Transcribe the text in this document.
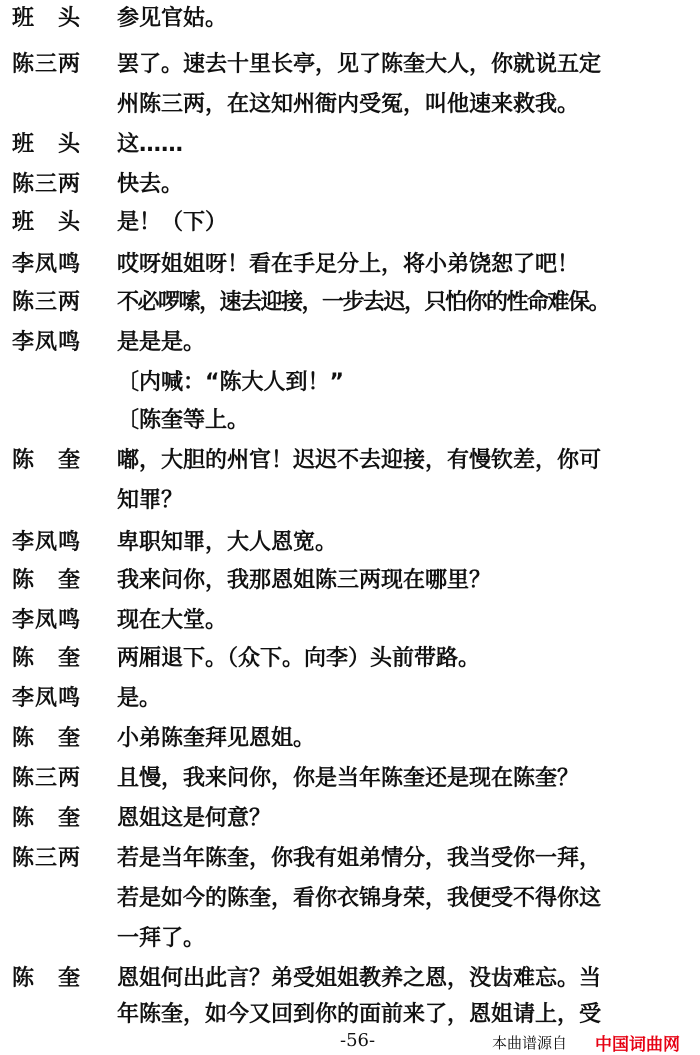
班　头	参见官姑。
陈三两	罢了。速去十里长亭，见了陈奎大人，你就说五定
州陈三两，在这知州衙内受冤，叫他速来救我。
班　头	这……
陈三两	快去。
班　头	是！（下）
李凤鸣	哎呀姐姐呀！看在手足分上，将小弟饶恕了吧！
陈三两	不必啰嗦，速去迎接，一步去迟，只怕你的性命难保。
李凤鸣	是是是。
〔内喊：“陈大人到！”
〔陈奎等上。
陈　奎	嘟，大胆的州官！迟迟不去迎接，有慢钦差，你可
知罪？
李凤鸣	卑职知罪，大人恩宽。
陈　奎	我来问你，我那恩姐陈三两现在哪里？
李凤鸣	现在大堂。
陈　奎	两厢退下。（众下。向李）头前带路。
李凤鸣	是。
陈　奎	小弟陈奎拜见恩姐。
陈三两	且慢，我来问你，你是当年陈奎还是现在陈奎？
陈　奎	恩姐这是何意？
陈三两	若是当年陈奎，你我有姐弟情分，我当受你一拜，
若是如今的陈奎，看你衣锦身荣，我便受不得你这
一拜了。
陈　奎	恩姐何出此言？弟受姐姐教养之恩，没齿难忘。当
年陈奎，如今又回到你的面前来了，恩姐请上，受
-56-	本曲谱源自 中国词曲网
